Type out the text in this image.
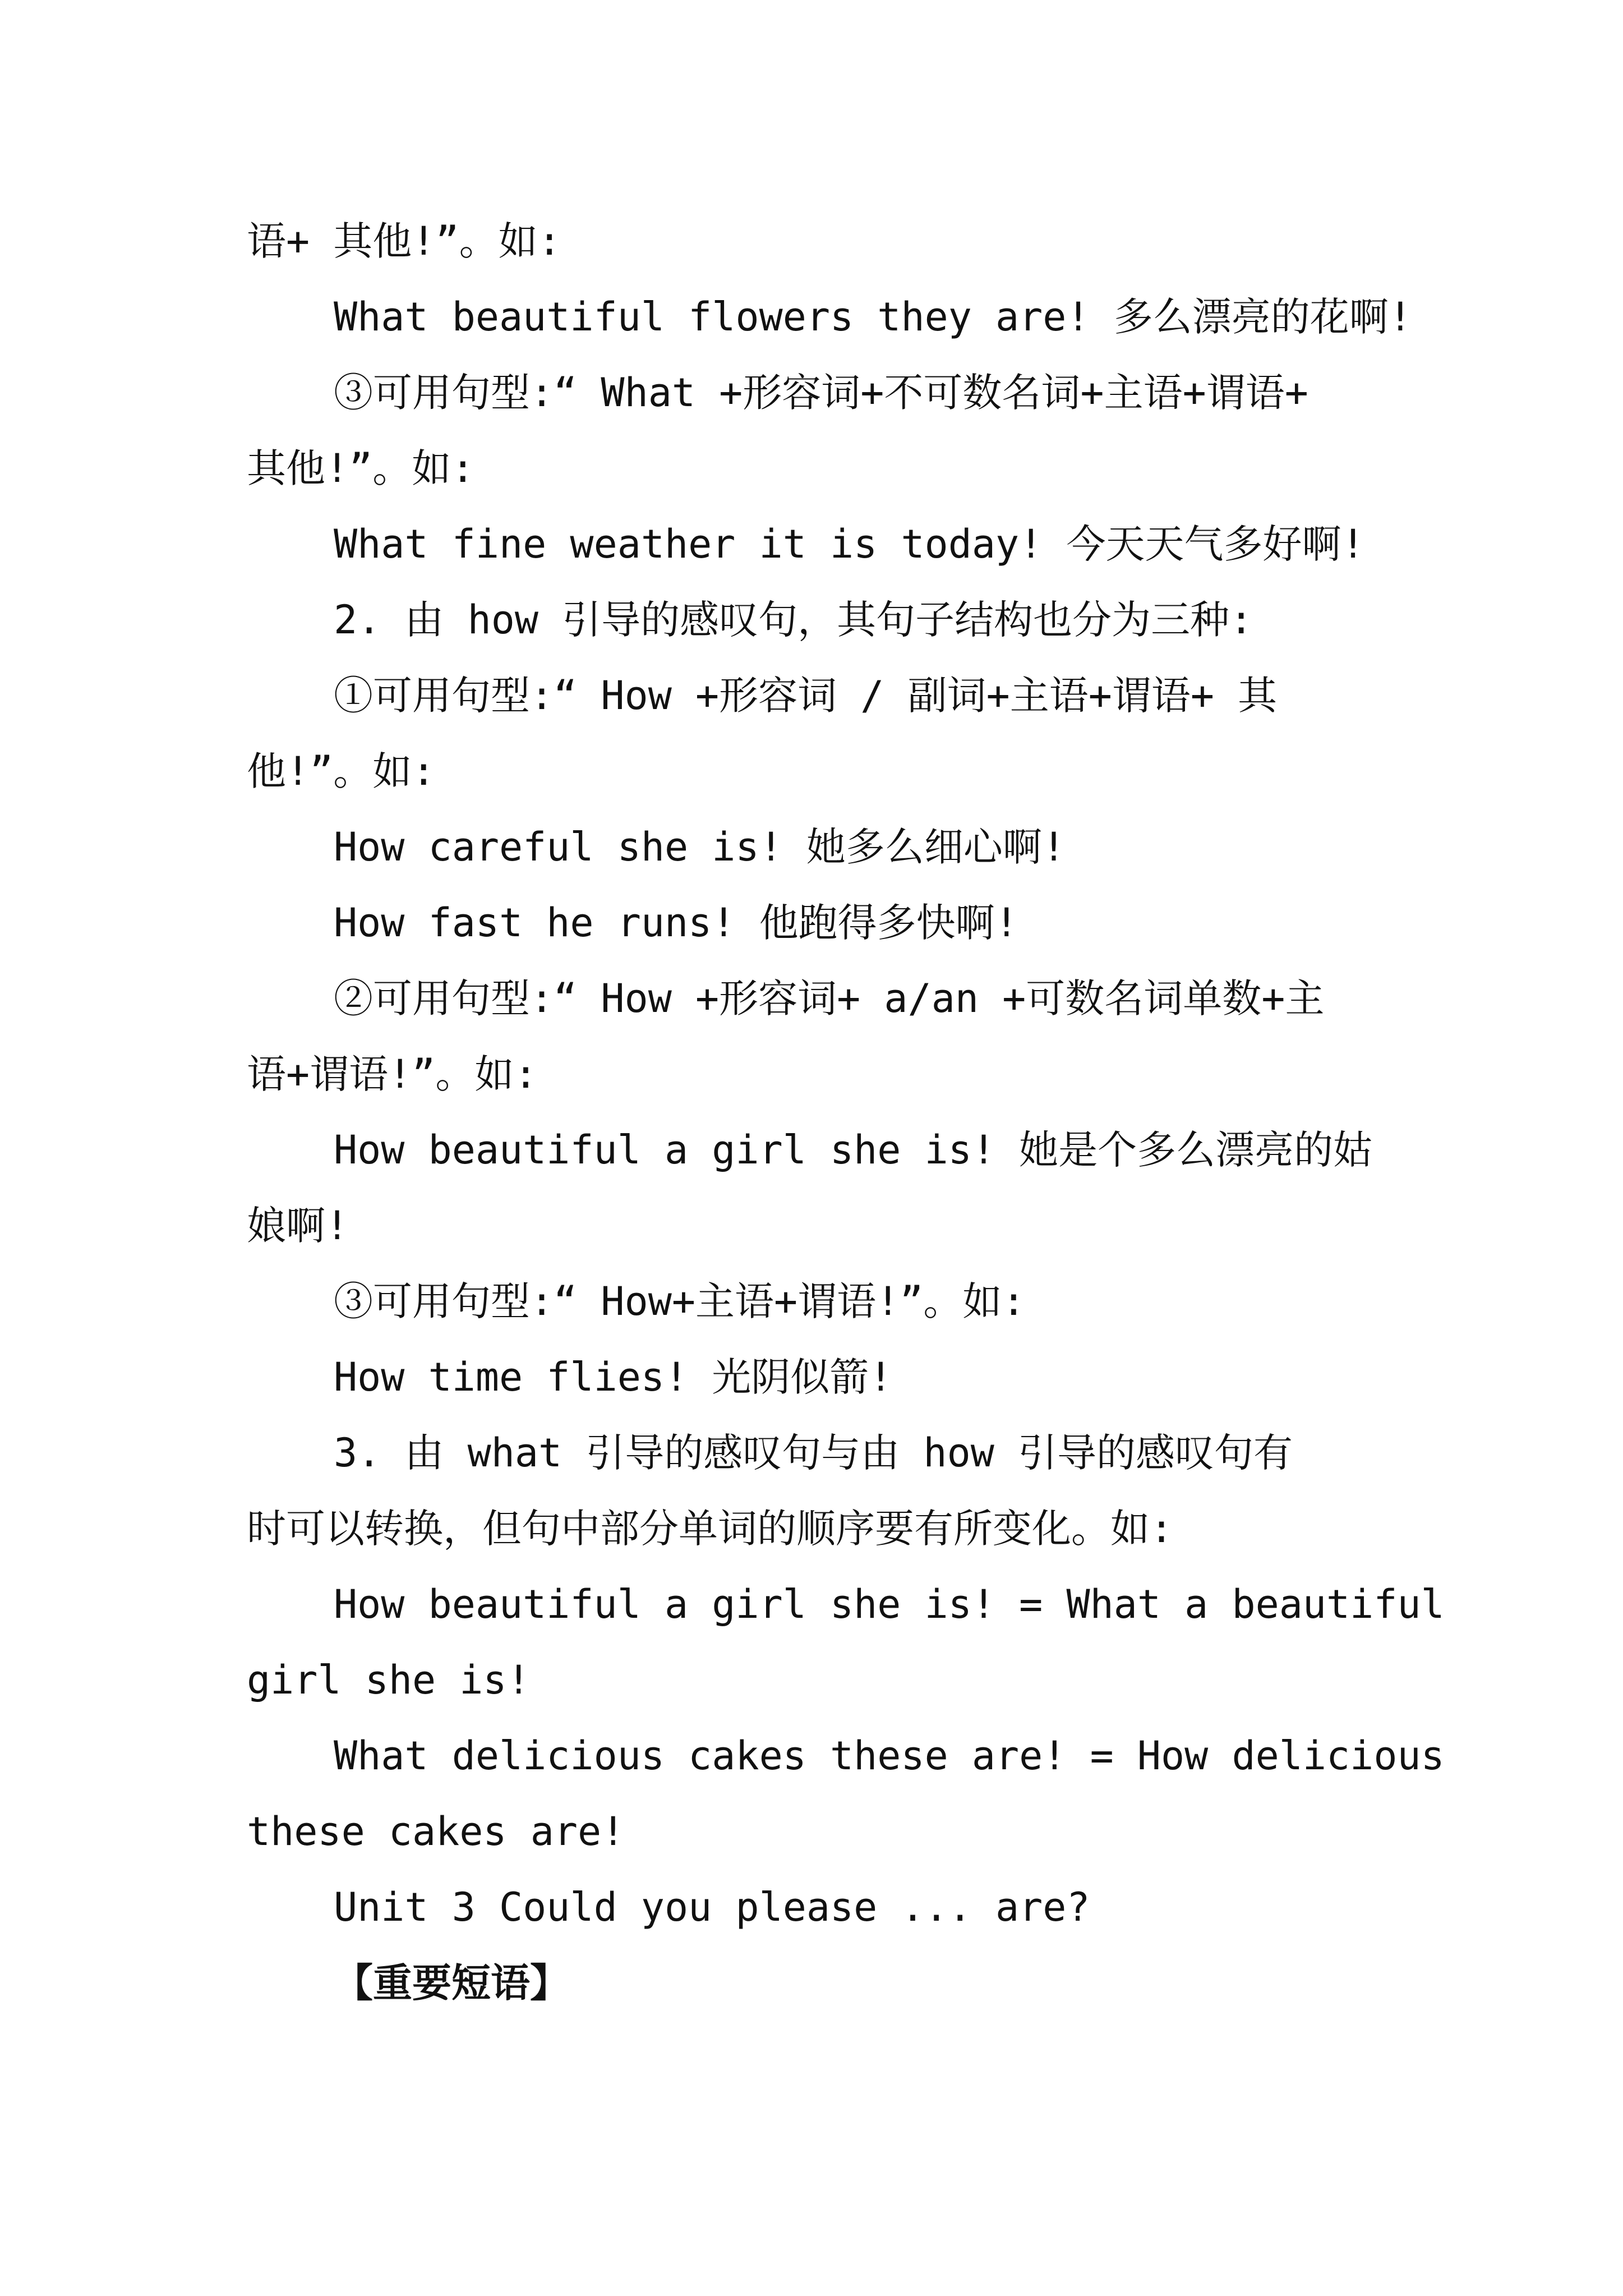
语+ 其他!”。如:
What beautiful flowers they are! 多么漂亮的花啊!
③可用句型:“ What +形容词+不可数名词+主语+谓语+
其他!”。如:
What fine weather it is today! 今天天气多好啊!
2. 由 how 引导的感叹句，其句子结构也分为三种:
①可用句型:“ How +形容词 / 副词+主语+谓语+ 其
他!”。如:
How careful she is! 她多么细心啊!
How fast he runs! 他跑得多快啊!
②可用句型:“ How +形容词+ a/an +可数名词单数+主
语+谓语!”。如:
How beautiful a girl she is! 她是个多么漂亮的姑
娘啊!
③可用句型:“ How+主语+谓语!”。如:
How time flies! 光阴似箭!
3. 由 what 引导的感叹句与由 how 引导的感叹句有
时可以转换，但句中部分单词的顺序要有所变化。如:
How beautiful a girl she is! = What a beautiful
girl she is!
What delicious cakes these are! = How delicious
these cakes are!
Unit 3 Could you please ... are?
【重要短语】
